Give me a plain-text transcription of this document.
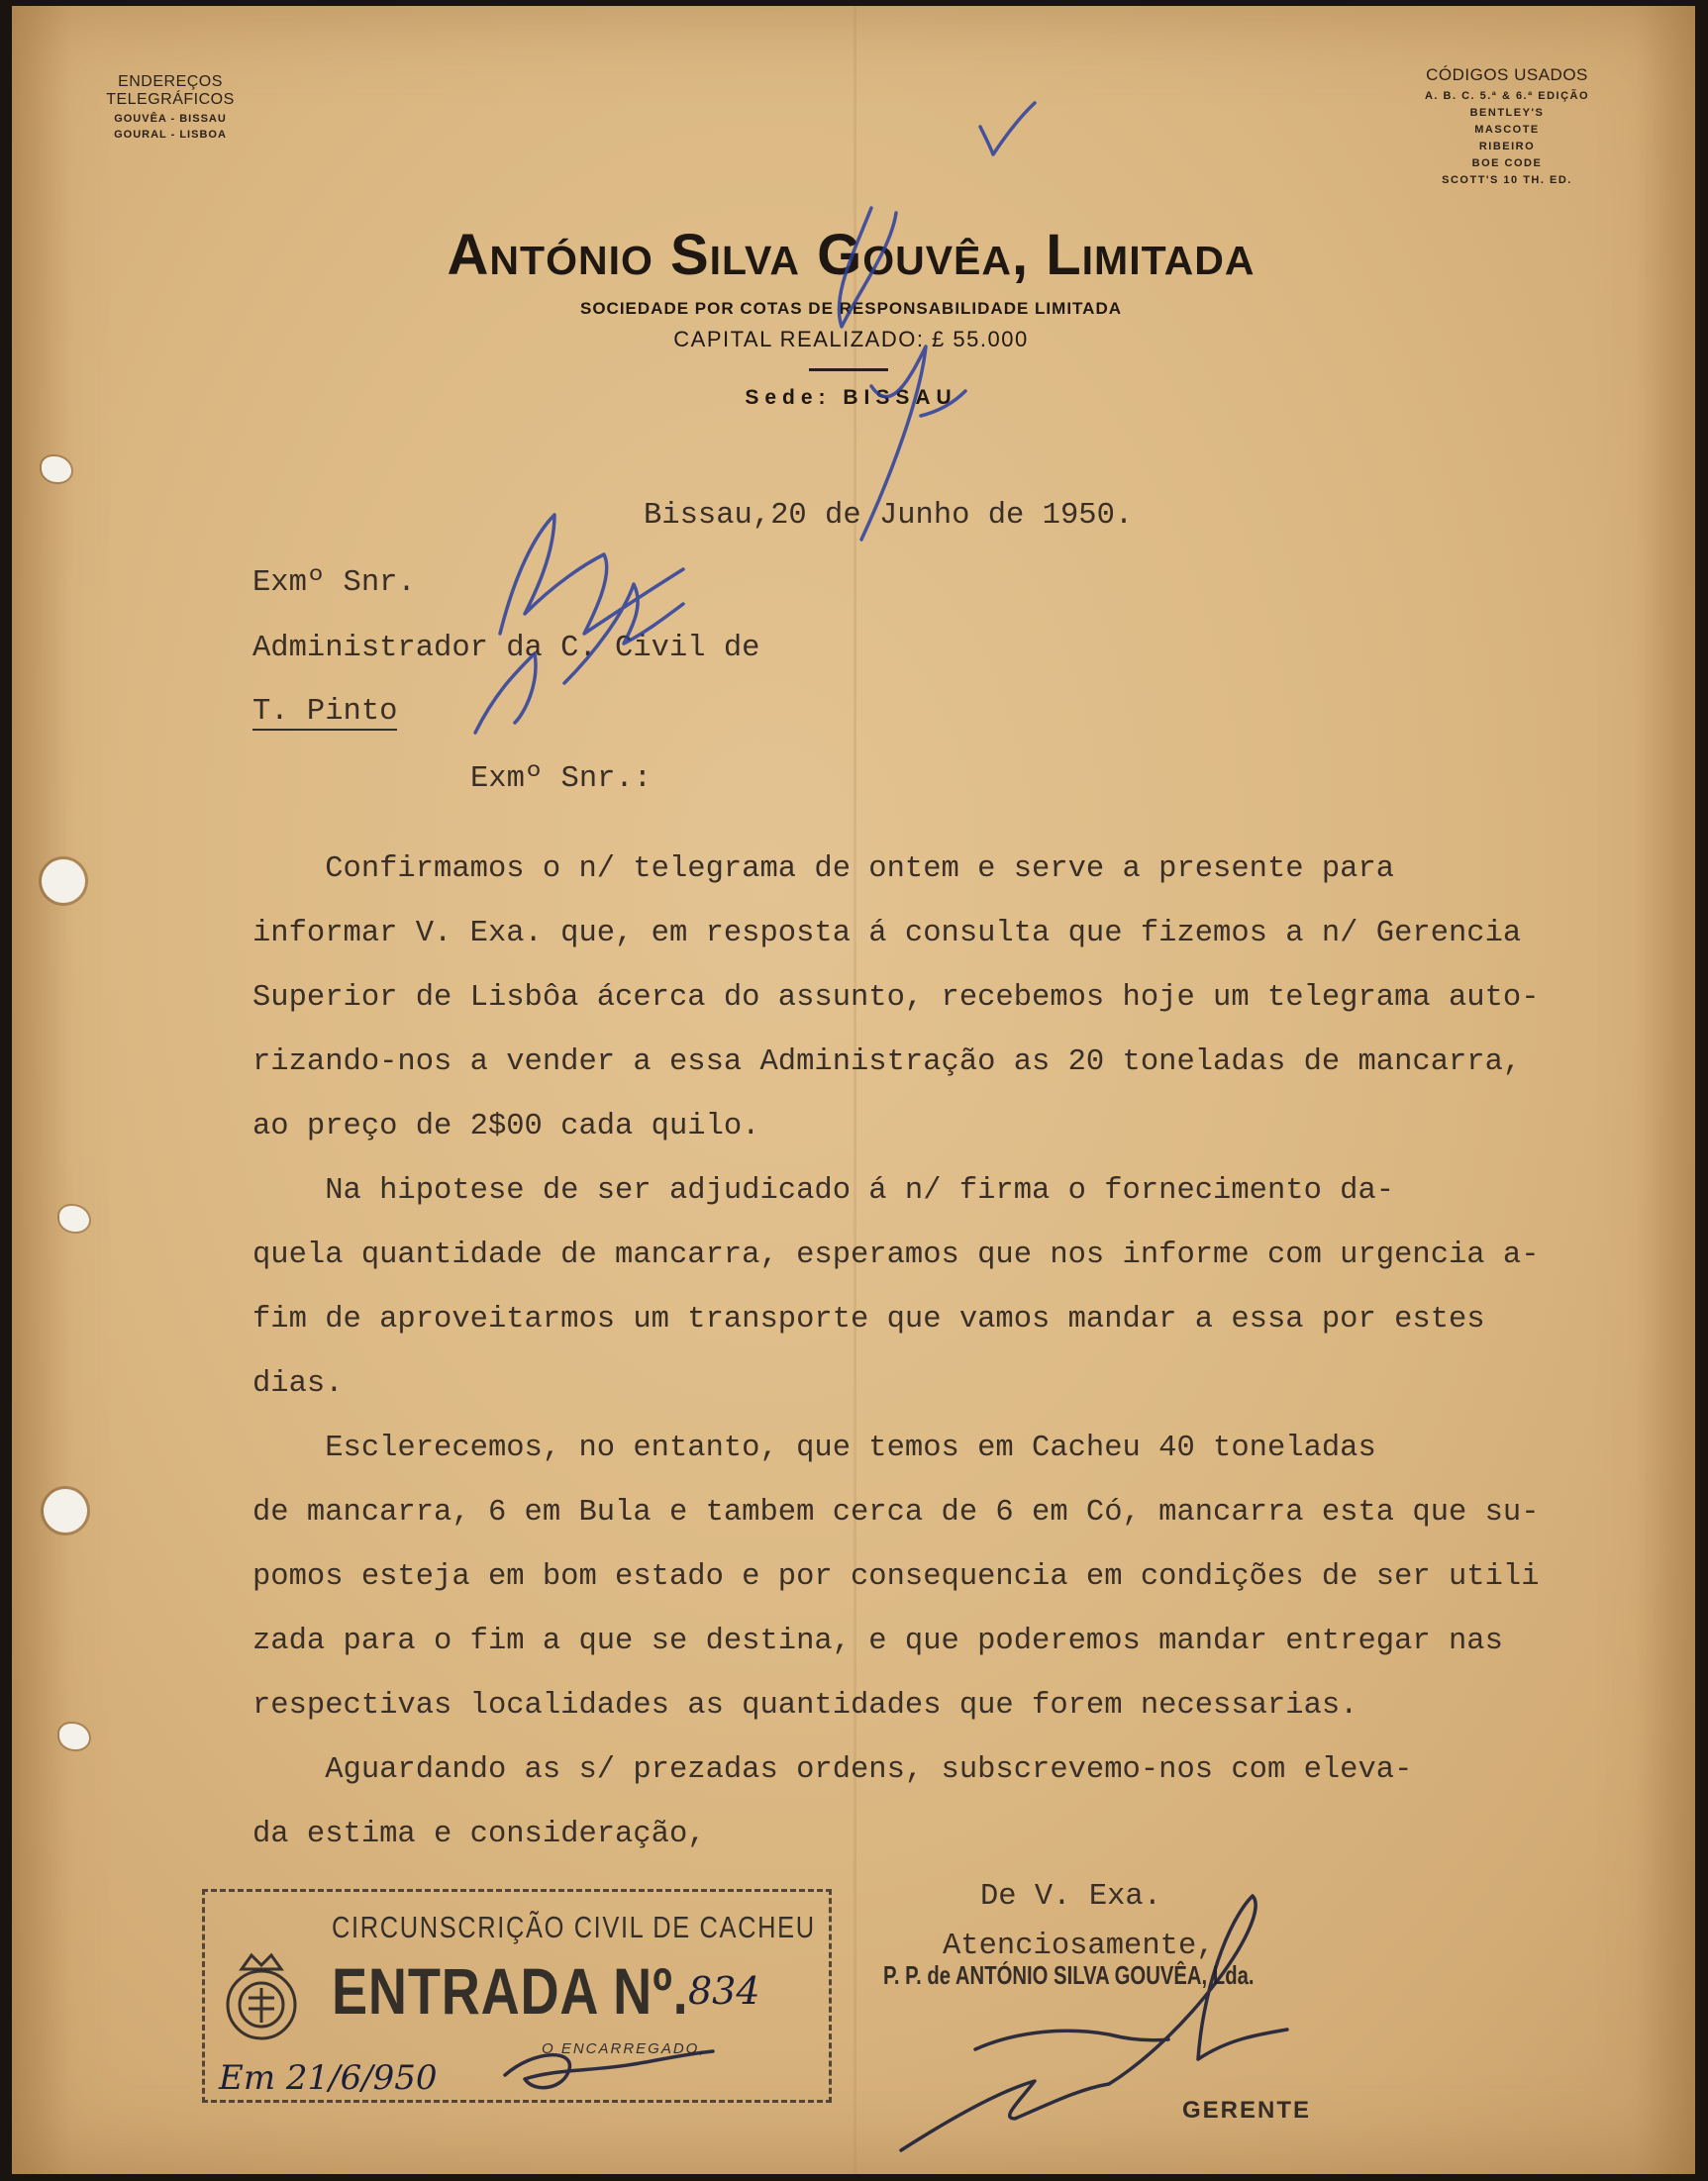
ENDEREÇOS TELEGRÁFICOS
GOUVÊA - BISSAU
GOURAL - LISBOA
CÓDIGOS USADOS
A. B. C. 5.ª & 6.ª EDIÇÃO
BENTLEY'S
MASCOTE
RIBEIRO
BOE CODE
SCOTT'S 10 TH. ED.
António Silva Gouvêa, Limitada
SOCIEDADE POR COTAS DE RESPONSABILIDADE LIMITADA
CAPITAL REALIZADO: £ 55.000
Sede: BISSAU
Bissau,20 de Junho de 1950.
Exmº Snr.
Administrador da C. Civil de
T. Pinto
Exmº Snr.:
Confirmamos o n/ telegrama de ontem e serve a presente para
informar V. Exa. que, em resposta á consulta que fizemos a n/ Gerencia
Superior de Lisbôa ácerca do assunto, recebemos hoje um telegrama auto-
rizando-nos a vender a essa Administração as 20 toneladas de mancarra,
ao preço de 2$00 cada quilo.
Na hipotese de ser adjudicado á n/ firma o fornecimento da-
quela quantidade de mancarra, esperamos que nos informe com urgencia a-
fim de aproveitarmos um transporte que vamos mandar a essa por estes
dias.
Esclerecemos, no entanto, que temos em Cacheu 40 toneladas
de mancarra, 6 em Bula e tambem cerca de 6 em Có, mancarra esta que su-
pomos esteja em bom estado e por consequencia em condições de ser utili
zada para o fim a que se destina, e que poderemos mandar entregar nas
respectivas localidades as quantidades que forem necessarias.
Aguardando as s/ prezadas ordens, subscrevemo-nos com eleva-
da estima e consideração,
De V. Exa.
Atenciosamente,
P. P. de ANTÓNIO SILVA GOUVÊA, Lda.
GERENTE
CIRCUNSCRIÇÃO CIVIL DE CACHEU
ENTRADA Nº. 834
O ENCARREGADO,
Em 21/6/950
